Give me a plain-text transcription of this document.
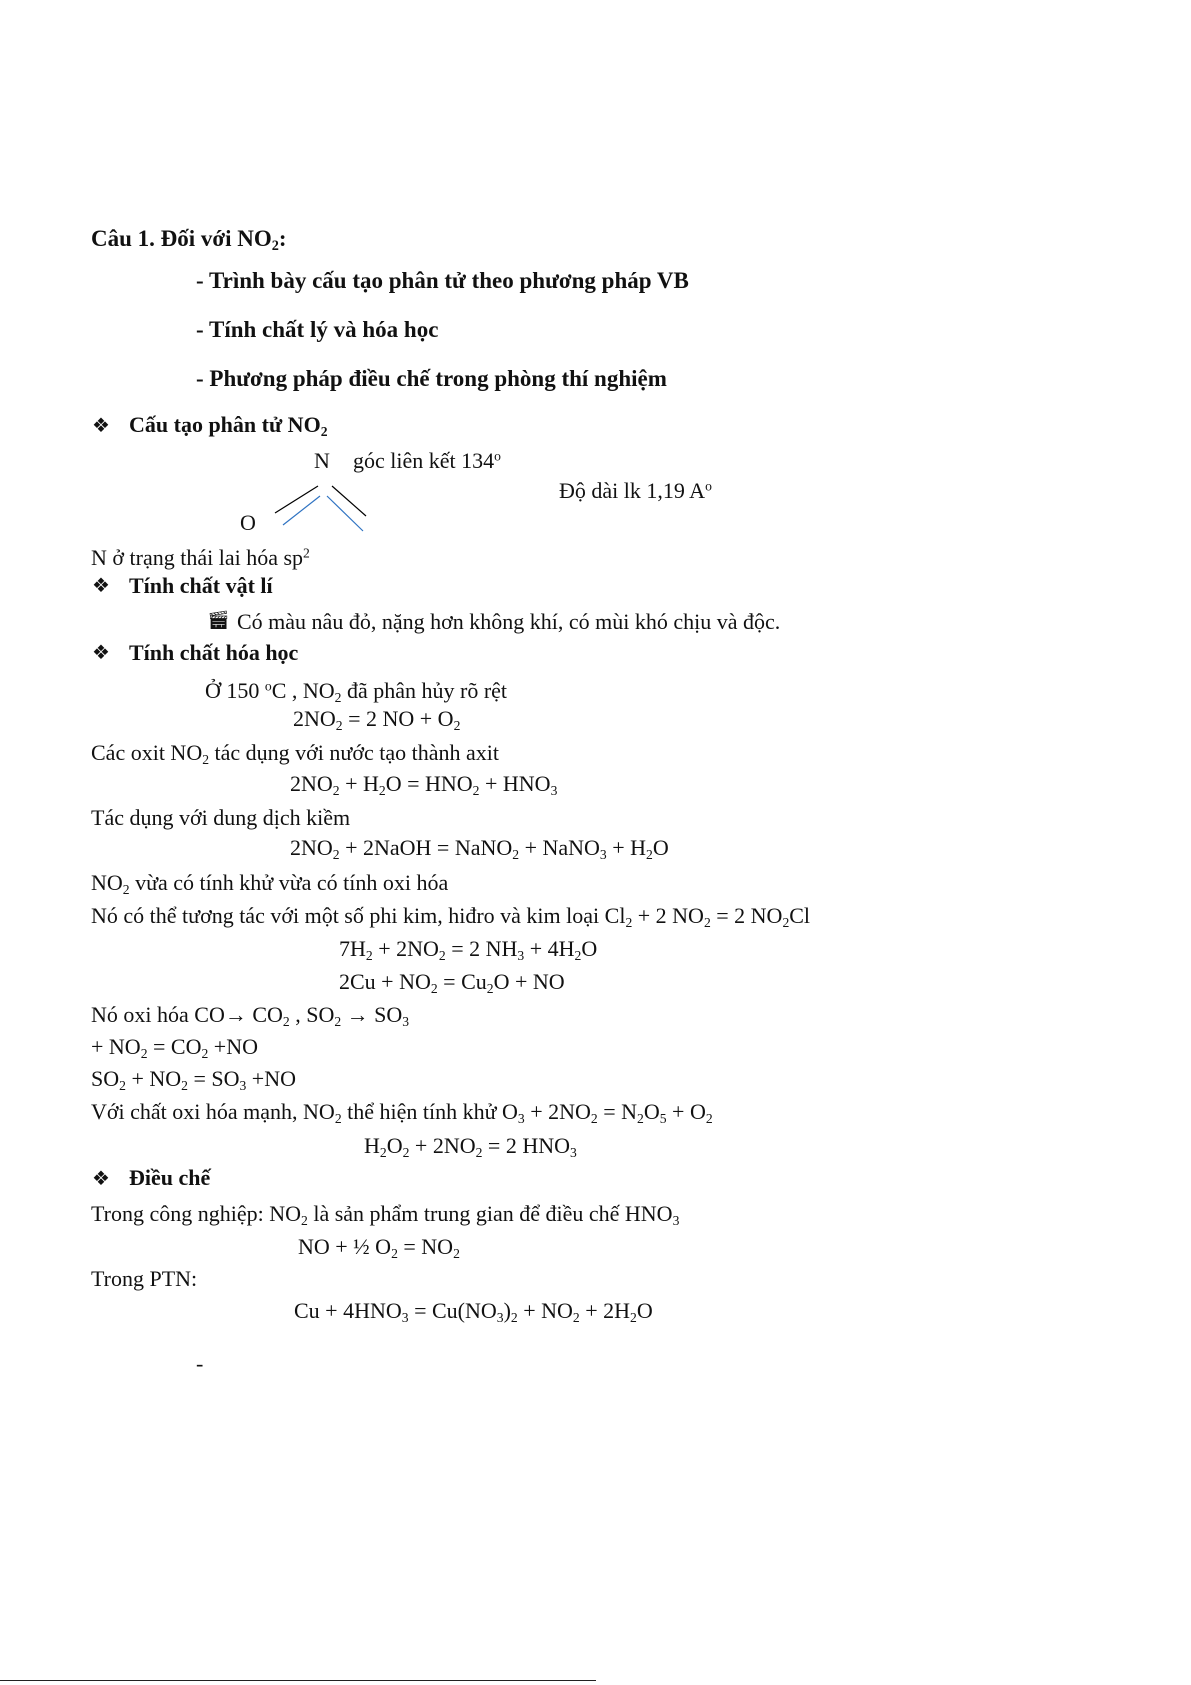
Câu 1. Đối với $NO_2$:
- Trình bày cấu tạo phân tử theo phương pháp VB
- Tính chất lý và hóa học
- Phương pháp điều chế trong phòng thí nghiệm
❖ Cấu tạo phân tử $NO_2$
N góc liên kết 134$^o$
Độ dài lk 1,19 $A^o$
O
N ở trạng thái lai hóa $sp^2$
❖ Tính chất vật lí
🎬︎ Có màu nâu đỏ, nặng hơn không khí, có mùi khó chịu và độc.
❖ Tính chất hóa học
Ở 150 $^o$C , $NO_2$ đã phân hủy rõ rệt
$2NO_2 = 2$ NO + $O_2$
Các oxit $NO_2$ tác dụng với nước tạo thành axit
$2NO_2 + H_2O = HNO_2 + HNO_3$
Tác dụng với dung dịch kiềm
$2NO_2$ + 2NaOH = NaNO$_2$ + NaNO$_3$ + $H_2O$
$NO_2$ vừa có tính khử vừa có tính oxi hóa
Nó có thể tương tác với một số phi kim, hiđro và kim loại $Cl_2 + 2$ $NO_2 = 2$ $NO_2Cl$
$7H_2 + 2NO_2 = 2$ $NH_3 + 4H_2O$
$2Cu + NO_2 = Cu_2O$ + NO
Nó oxi hóa $CO\to CO_2$ , $SO_2 \to SO_3$
+ $NO_2 = CO_2 +NO$
$SO_2 + NO_2 = SO_3 +NO$
Với chất oxi hóa mạnh, $NO_2$ thể hiện tính khử $O_3 + 2NO_2 = N_2O_5 + O_2$
$H_2O_2 + 2NO_2 = 2$ $HNO_3$
❖ Điều chế
Trong công nghiệp: $NO_2$ là sản phẩm trung gian để điều chế $HNO_3$
NO + ½ $O_2 = NO_2$
Trong PTN:
$Cu + 4HNO_3 = Cu(NO_3)_2 + NO_2 + 2H_2O$
-
